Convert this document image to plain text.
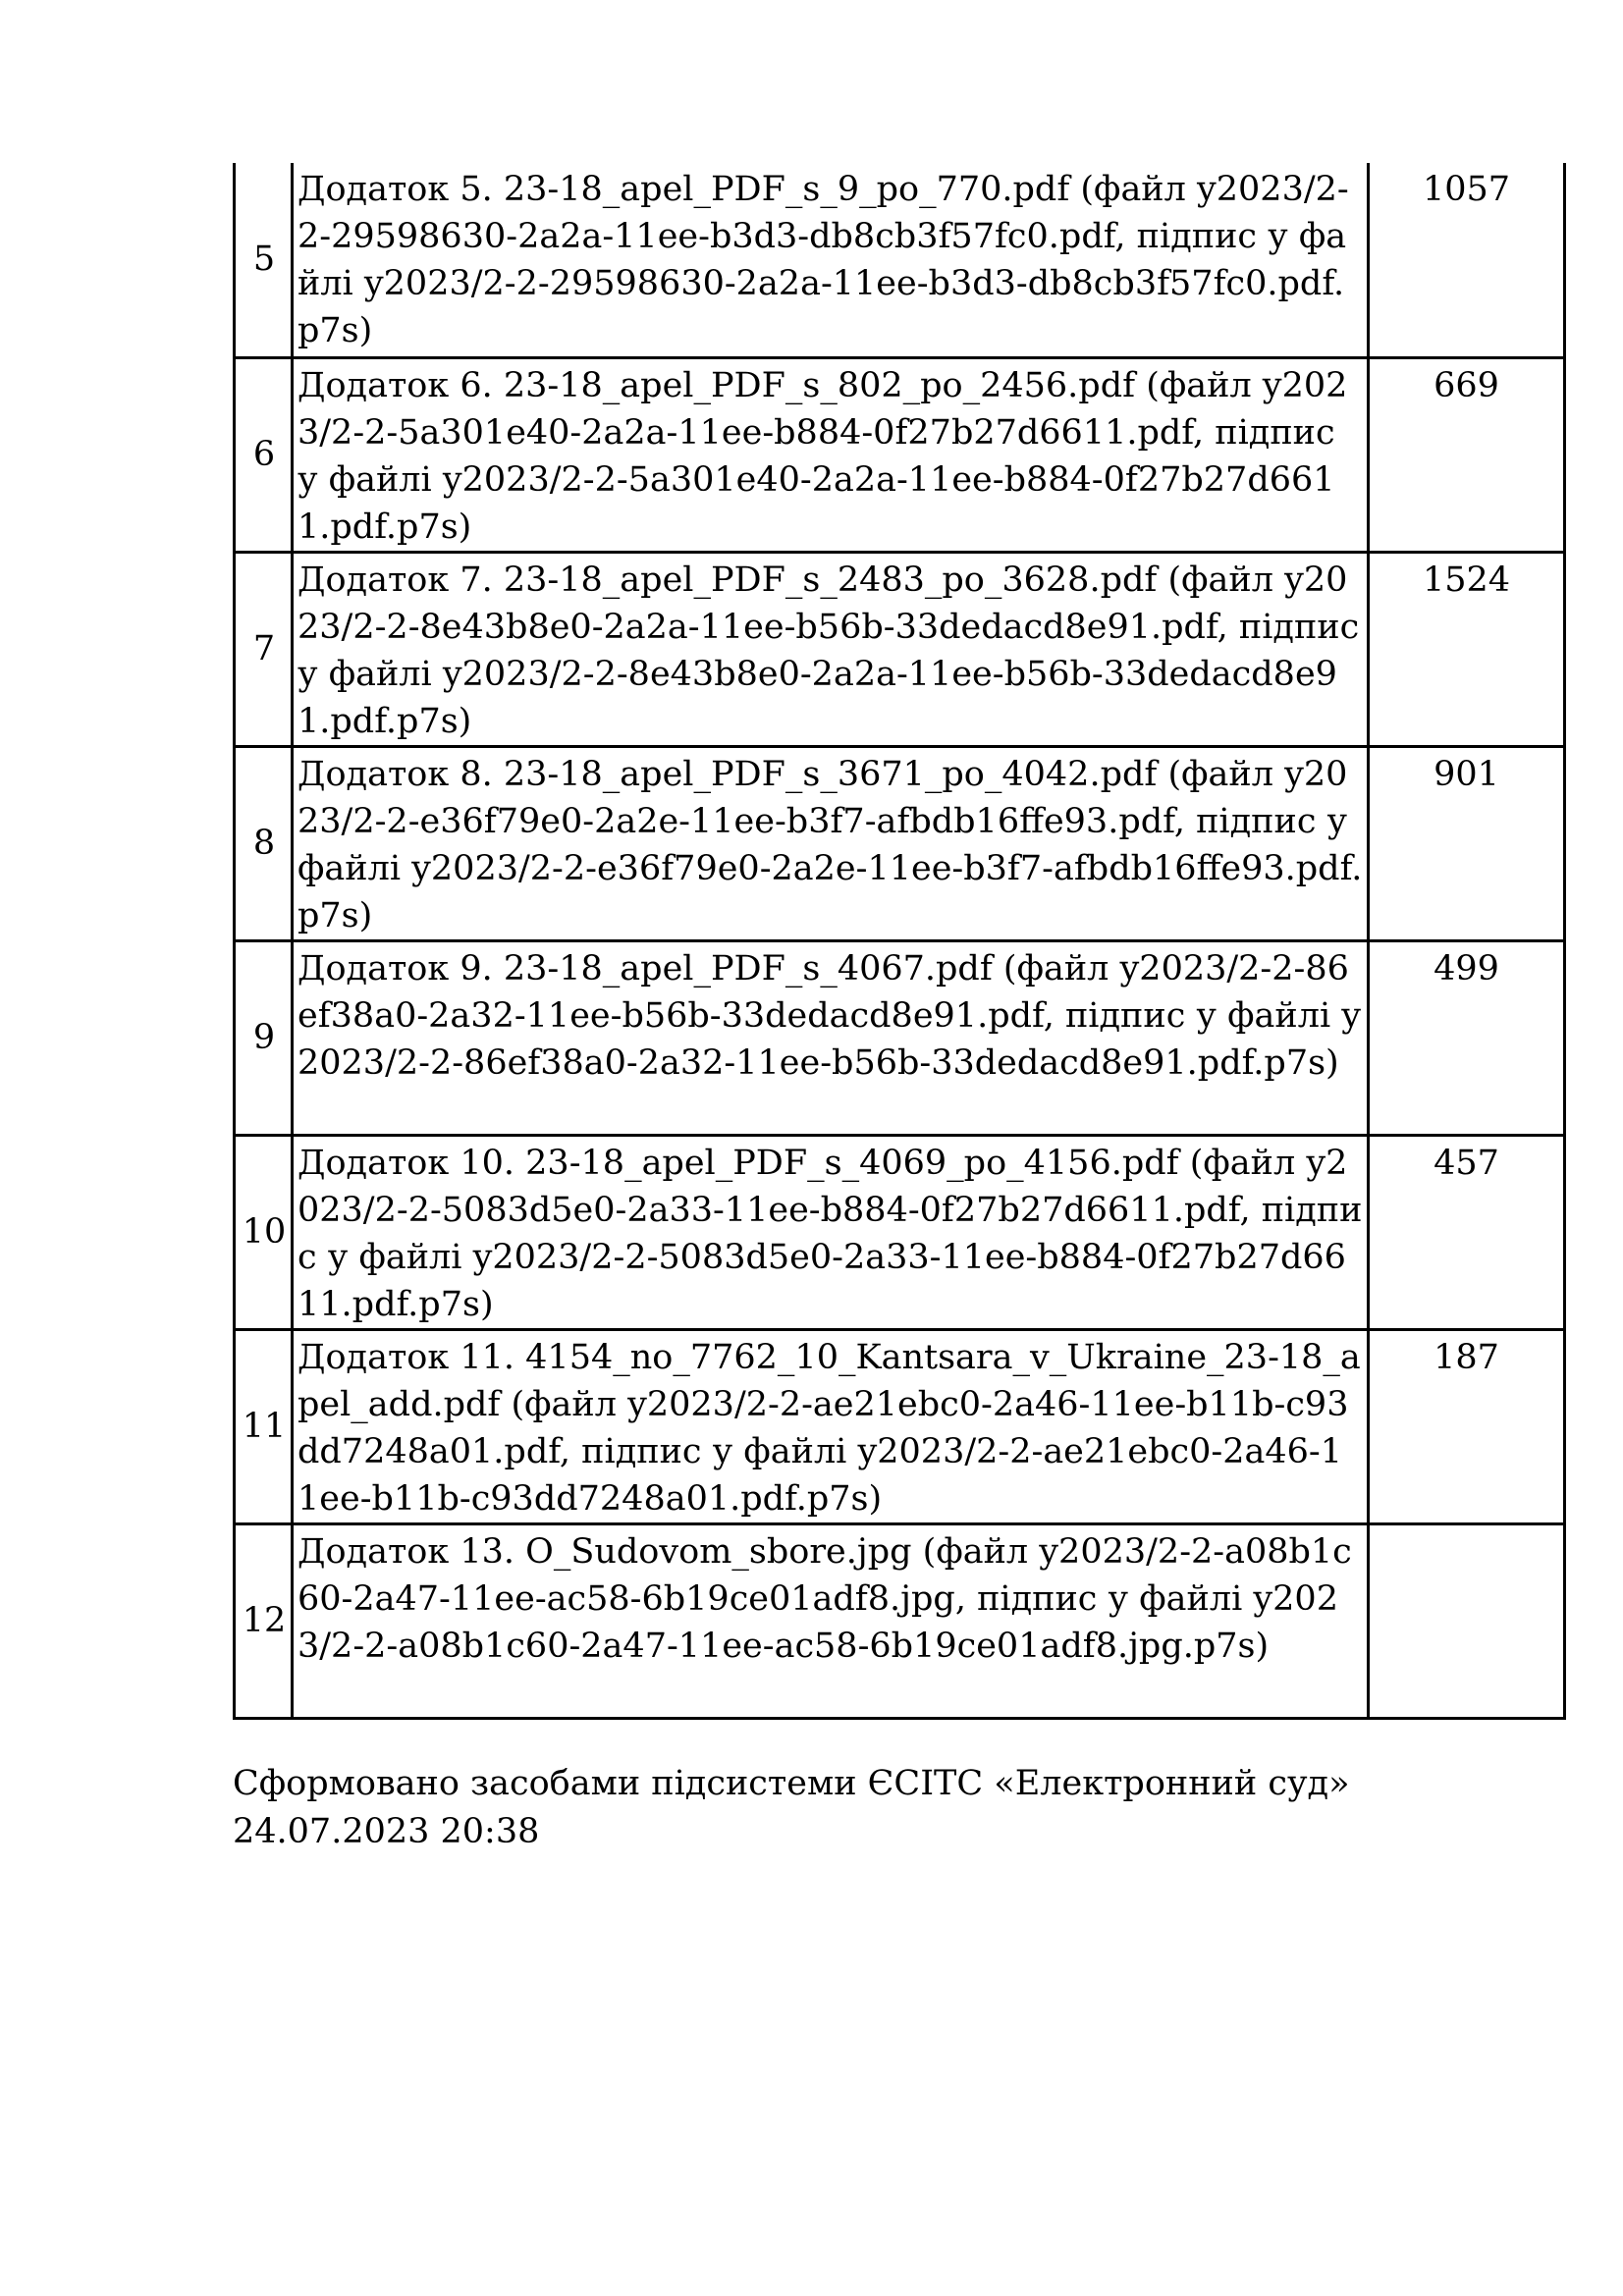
5	Додаток 5. 23-18_apel_PDF_s_9_po_770.pdf (файл y2023/2-2-29598630-2a2a-11ee-b3d3-db8cb3f57fc0.pdf, підпис у файлі y2023/2-2-29598630-2a2a-11ee-b3d3-db8cb3f57fc0.pdf.p7s)	1057
6	Додаток 6. 23-18_apel_PDF_s_802_po_2456.pdf (файл y2023/2-2-5a301e40-2a2a-11ee-b884-0f27b27d6611.pdf, підпис у файлі y2023/2-2-5a301e40-2a2a-11ee-b884-0f27b27d6611.pdf.p7s)	669
7	Додаток 7. 23-18_apel_PDF_s_2483_po_3628.pdf (файл y2023/2-2-8e43b8e0-2a2a-11ee-b56b-33dedacd8e91.pdf, підпис у файлі y2023/2-2-8e43b8e0-2a2a-11ee-b56b-33dedacd8e91.pdf.p7s)	1524
8	Додаток 8. 23-18_apel_PDF_s_3671_po_4042.pdf (файл y2023/2-2-e36f79e0-2a2e-11ee-b3f7-afbdb16ffe93.pdf, підпис у файлі y2023/2-2-e36f79e0-2a2e-11ee-b3f7-afbdb16ffe93.pdf.p7s)	901
9	Додаток 9. 23-18_apel_PDF_s_4067.pdf (файл y2023/2-2-86ef38a0-2a32-11ee-b56b-33dedacd8e91.pdf, підпис у файлі y2023/2-2-86ef38a0-2a32-11ee-b56b-33dedacd8e91.pdf.p7s)	499
10	Додаток 10. 23-18_apel_PDF_s_4069_po_4156.pdf (файл y2023/2-2-5083d5e0-2a33-11ee-b884-0f27b27d6611.pdf, підпис у файлі y2023/2-2-5083d5e0-2a33-11ee-b884-0f27b27d6611.pdf.p7s)	457
11	Додаток 11. 4154_no_7762_10_Kantsara_v_Ukraine_23-18_apel_add.pdf (файл y2023/2-2-ae21ebc0-2a46-11ee-b11b-c93dd7248a01.pdf, підпис у файлі y2023/2-2-ae21ebc0-2a46-11ee-b11b-c93dd7248a01.pdf.p7s)	187
12	Додаток 13. O_Sudovom_sbore.jpg (файл y2023/2-2-a08b1c60-2a47-11ee-ac58-6b19ce01adf8.jpg, підпис у файлі y2023/2-2-a08b1c60-2a47-11ee-ac58-6b19ce01adf8.jpg.p7s)	
Сформовано засобами підсистеми ЄСІТС «Електронний суд»
24.07.2023 20:38
